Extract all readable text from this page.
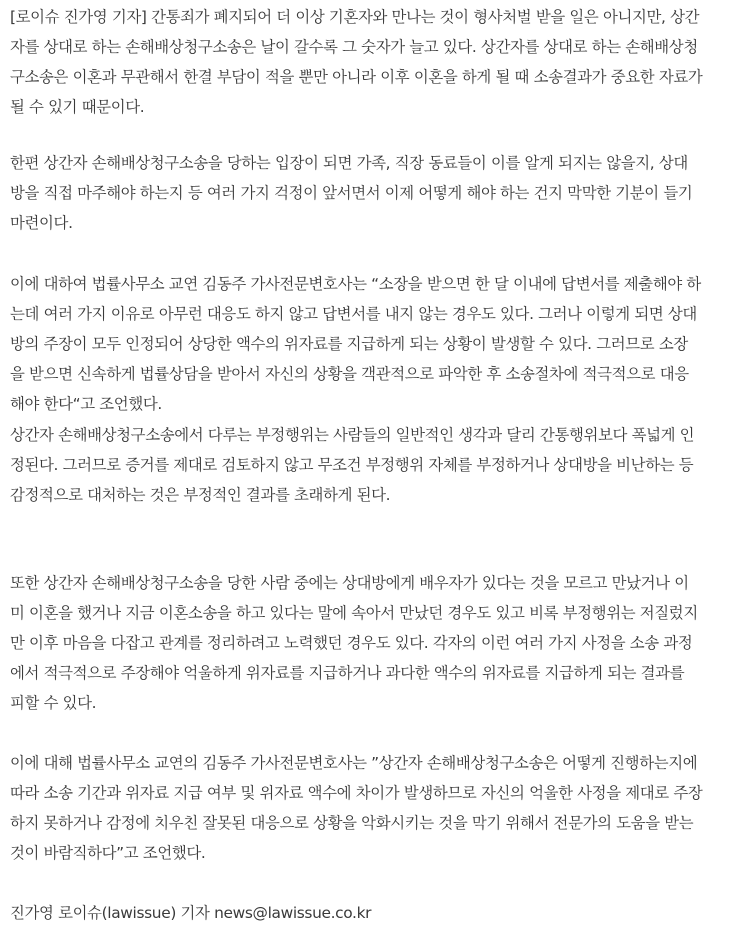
[로이슈 진가영 기자] 간통죄가 폐지되어 더 이상 기혼자와 만나는 것이 형사처벌 받을 일은 아니지만, 상간
자를 상대로 하는 손해배상청구소송은 날이 갈수록 그 숫자가 늘고 있다. 상간자를 상대로 하는 손해배상청
구소송은 이혼과 무관해서 한결 부담이 적을 뿐만 아니라 이후 이혼을 하게 될 때 소송결과가 중요한 자료가
될 수 있기 때문이다.

한편 상간자 손해배상청구소송을 당하는 입장이 되면 가족, 직장 동료들이 이를 알게 되지는 않을지, 상대
방을 직접 마주해야 하는지 등 여러 가지 걱정이 앞서면서 이제 어떻게 해야 하는 건지 막막한 기분이 들기
마련이다.

이에 대하여 법률사무소 교연 김동주 가사전문변호사는 “소장을 받으면 한 달 이내에 답변서를 제출해야 하
는데 여러 가지 이유로 아무런 대응도 하지 않고 답변서를 내지 않는 경우도 있다. 그러나 이렇게 되면 상대
방의 주장이 모두 인정되어 상당한 액수의 위자료를 지급하게 되는 상황이 발생할 수 있다. 그러므로 소장
을 받으면 신속하게 법률상담을 받아서 자신의 상황을 객관적으로 파악한 후 소송절차에 적극적으로 대응
해야 한다“고 조언했다.

상간자 손해배상청구소송에서 다루는 부정행위는 사람들의 일반적인 생각과 달리 간통행위보다 폭넓게 인
정된다. 그러므로 증거를 제대로 검토하지 않고 무조건 부정행위 자체를 부정하거나 상대방을 비난하는 등
감정적으로 대처하는 것은 부정적인 결과를 초래하게 된다.

또한 상간자 손해배상청구소송을 당한 사람 중에는 상대방에게 배우자가 있다는 것을 모르고 만났거나 이
미 이혼을 했거나 지금 이혼소송을 하고 있다는 말에 속아서 만났던 경우도 있고 비록 부정행위는 저질렀지
만 이후 마음을 다잡고 관계를 정리하려고 노력했던 경우도 있다. 각자의 이런 여러 가지 사정을 소송 과정
에서 적극적으로 주장해야 억울하게 위자료를 지급하거나 과다한 액수의 위자료를 지급하게 되는 결과를
피할 수 있다.

이에 대해 법률사무소 교연의 김동주 가사전문변호사는 ”상간자 손해배상청구소송은 어떻게 진행하는지에
따라 소송 기간과 위자료 지급 여부 및 위자료 액수에 차이가 발생하므로 자신의 억울한 사정을 제대로 주장
하지 못하거나 감정에 치우친 잘못된 대응으로 상황을 악화시키는 것을 막기 위해서 전문가의 도움을 받는
것이 바람직하다”고 조언했다.

진가영 로이슈(lawissue) 기자 news@lawissue.co.kr
